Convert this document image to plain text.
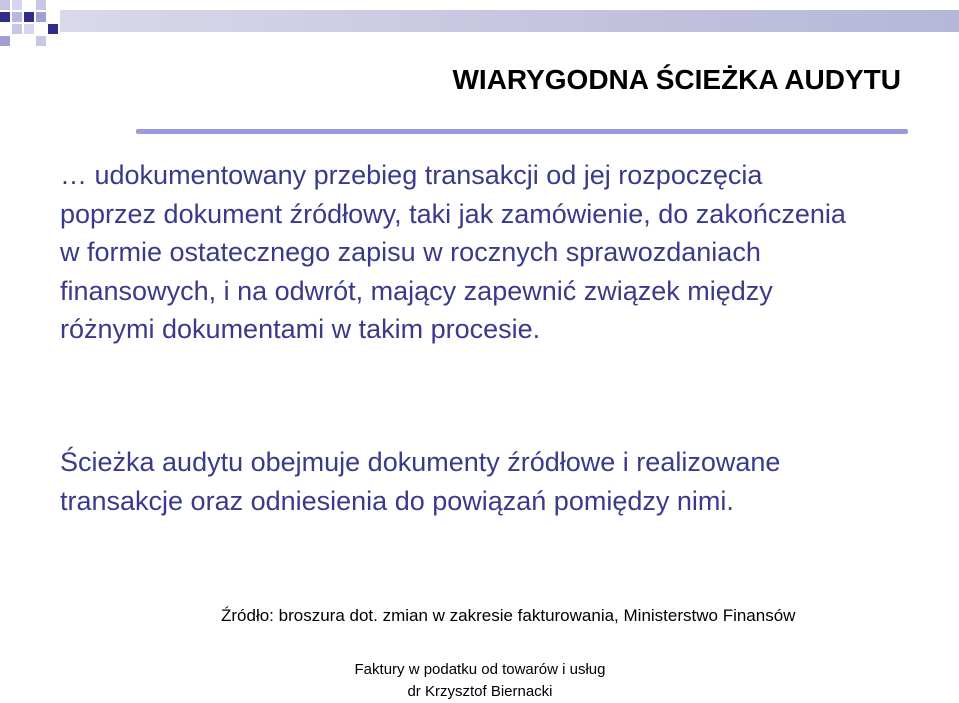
WIARYGODNA ŚCIEŻKA AUDYTU

… udokumentowany przebieg transakcji od jej rozpoczęcia poprzez dokument źródłowy, taki jak zamówienie, do zakończenia w formie ostatecznego zapisu w rocznych sprawozdaniach finansowych, i na odwrót, mający zapewnić związek między różnymi dokumentami w takim procesie.

Ścieżka audytu obejmuje dokumenty źródłowe i realizowane transakcje oraz odniesienia do powiązań pomiędzy nimi.

Źródło: broszura dot. zmian w zakresie fakturowania, Ministerstwo Finansów

Faktury w podatku od towarów i usług
dr Krzysztof Biernacki
